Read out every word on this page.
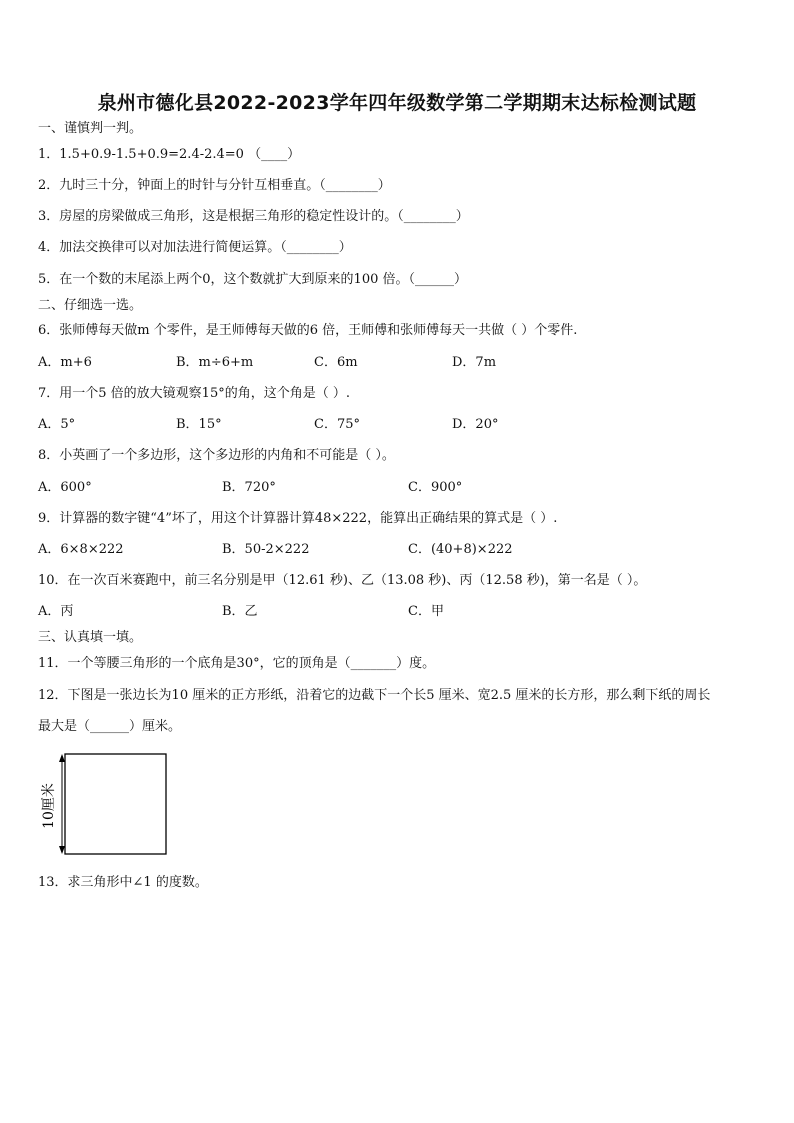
泉州市德化县2022-2023学年四年级数学第二学期期末达标检测试题
一、谨慎判一判。
1．1.5+0.9-1.5+0.9=2.4-2.4=0 （____）
2．九时三十分，钟面上的时针与分针互相垂直。（________）
3．房屋的房梁做成三角形，这是根据三角形的稳定性设计的。（________）
4．加法交换律可以对加法进行简便运算。（________）
5．在一个数的末尾添上两个0，这个数就扩大到原来的100 倍。（______）
二、仔细选一选。
6．张师傅每天做m 个零件，是王师傅每天做的6 倍，王师傅和张师傅每天一共做（ ）个零件.
A．m+6	B．m÷6+m	C．6m	D．7m
7．用一个5 倍的放大镜观察15°的角，这个角是（ ）.
A．5°	B．15°	C．75°	D．20°
8．小英画了一个多边形，这个多边形的内角和不可能是（ ）。
A．600°	B．720°	C．900°
9．计算器的数字键“4”坏了，用这个计算器计算48×222，能算出正确结果的算式是（ ）.
A．6×8×222	B．50-2×222	C．(40+8)×222
10．在一次百米赛跑中，前三名分别是甲（12.61 秒)、乙（13.08 秒)、丙（12.58 秒)，第一名是（ ）。
A．丙	B．乙	C．甲
三、认真填一填。
11．一个等腰三角形的一个底角是30°，它的顶角是（_______）度。
12．下图是一张边长为10 厘米的正方形纸，沿着它的边截下一个长5 厘米、宽2.5 厘米的长方形，那么剩下纸的周长
最大是（______）厘米。
10厘米
13．求三角形中∠1 的度数。
